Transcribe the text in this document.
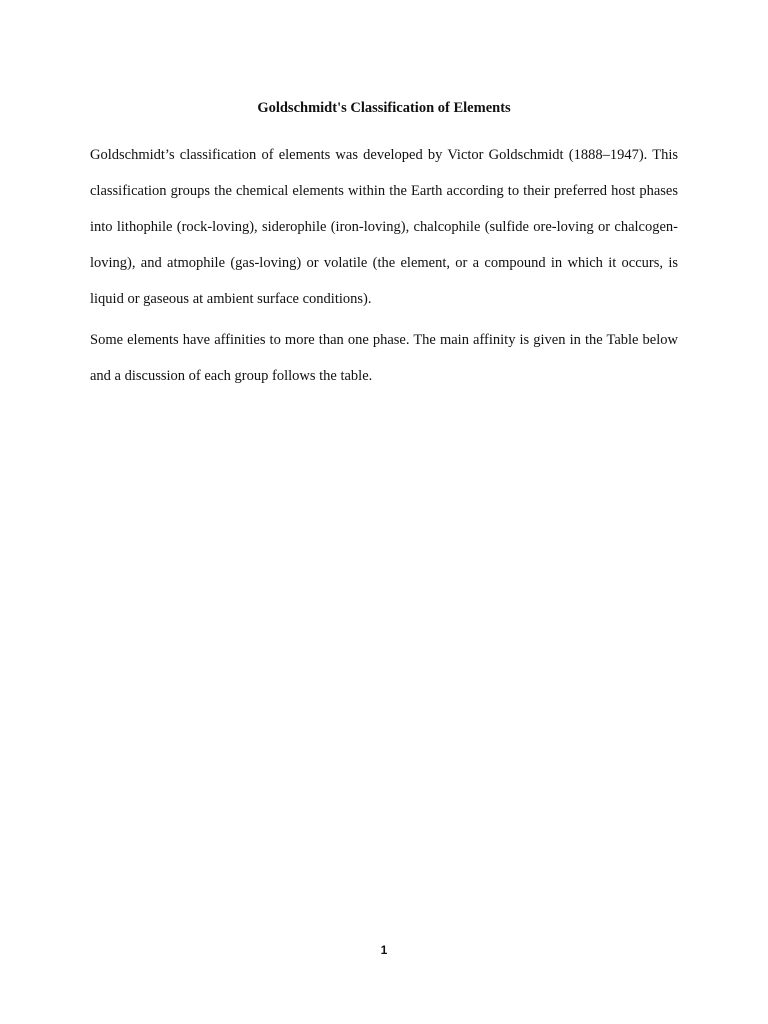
Goldschmidt's Classification of Elements

Goldschmidt’s classification of elements was developed by Victor Goldschmidt (1888–1947). This classification groups the chemical elements within the Earth according to their preferred host phases into lithophile (rock-loving), siderophile (iron-loving), chalcophile (sulfide ore-loving or chalcogen-loving), and atmophile (gas-loving) or volatile (the element, or a compound in which it occurs, is liquid or gaseous at ambient surface conditions).

Some elements have affinities to more than one phase. The main affinity is given in the Table below and a discussion of each group follows the table.

1
